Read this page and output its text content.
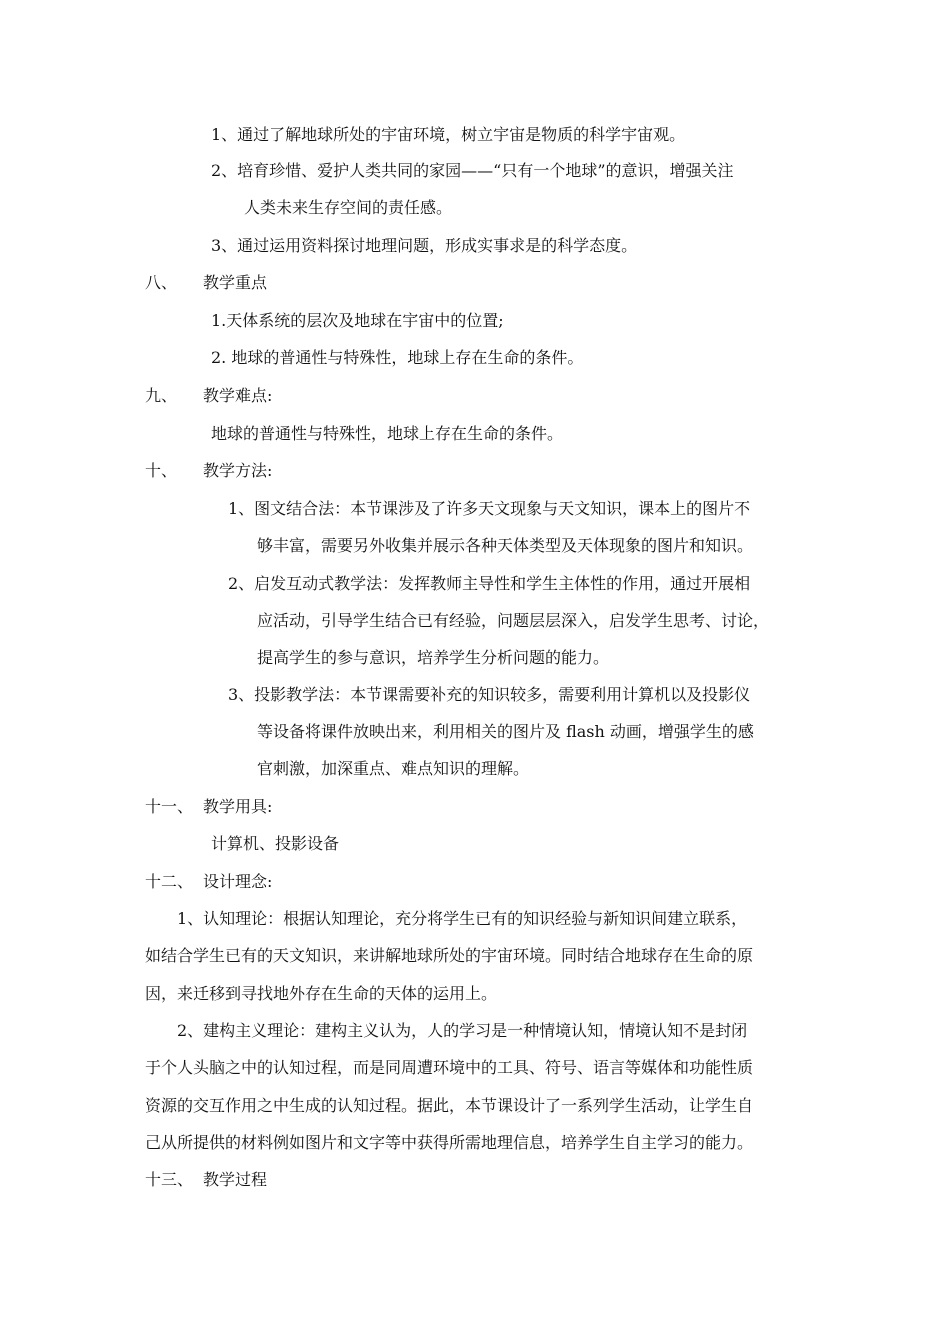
1、通过了解地球所处的宇宙环境，树立宇宙是物质的科学宇宙观。
2、培育珍惜、爱护人类共同的家园——“只有一个地球”的意识，增强关注
人类未来生存空间的责任感。
3、通过运用资料探讨地理问题，形成实事求是的科学态度。
八、 教学重点
1.天体系统的层次及地球在宇宙中的位置;
2. 地球的普通性与特殊性，地球上存在生命的条件。
九、 教学难点:
地球的普通性与特殊性，地球上存在生命的条件。
十、 教学方法:
1、图文结合法：本节课涉及了许多天文现象与天文知识，课本上的图片不
够丰富，需要另外收集并展示各种天体类型及天体现象的图片和知识。
2、启发互动式教学法：发挥教师主导性和学生主体性的作用，通过开展相
应活动，引导学生结合已有经验，问题层层深入，启发学生思考、讨论，
提高学生的参与意识，培养学生分析问题的能力。
3、投影教学法：本节课需要补充的知识较多，需要利用计算机以及投影仪
等设备将课件放映出来，利用相关的图片及 flash 动画，增强学生的感
官刺激，加深重点、难点知识的理解。
十一、 教学用具:
计算机、投影设备
十二、 设计理念:
1、认知理论：根据认知理论，充分将学生已有的知识经验与新知识间建立联系，
如结合学生已有的天文知识，来讲解地球所处的宇宙环境。同时结合地球存在生命的原
因，来迁移到寻找地外存在生命的天体的运用上。
2、建构主义理论：建构主义认为，人的学习是一种情境认知，情境认知不是封闭
于个人头脑之中的认知过程，而是同周遭环境中的工具、符号、语言等媒体和功能性质
资源的交互作用之中生成的认知过程。据此，本节课设计了一系列学生活动，让学生自
己从所提供的材料例如图片和文字等中获得所需地理信息，培养学生自主学习的能力。
十三、 教学过程
